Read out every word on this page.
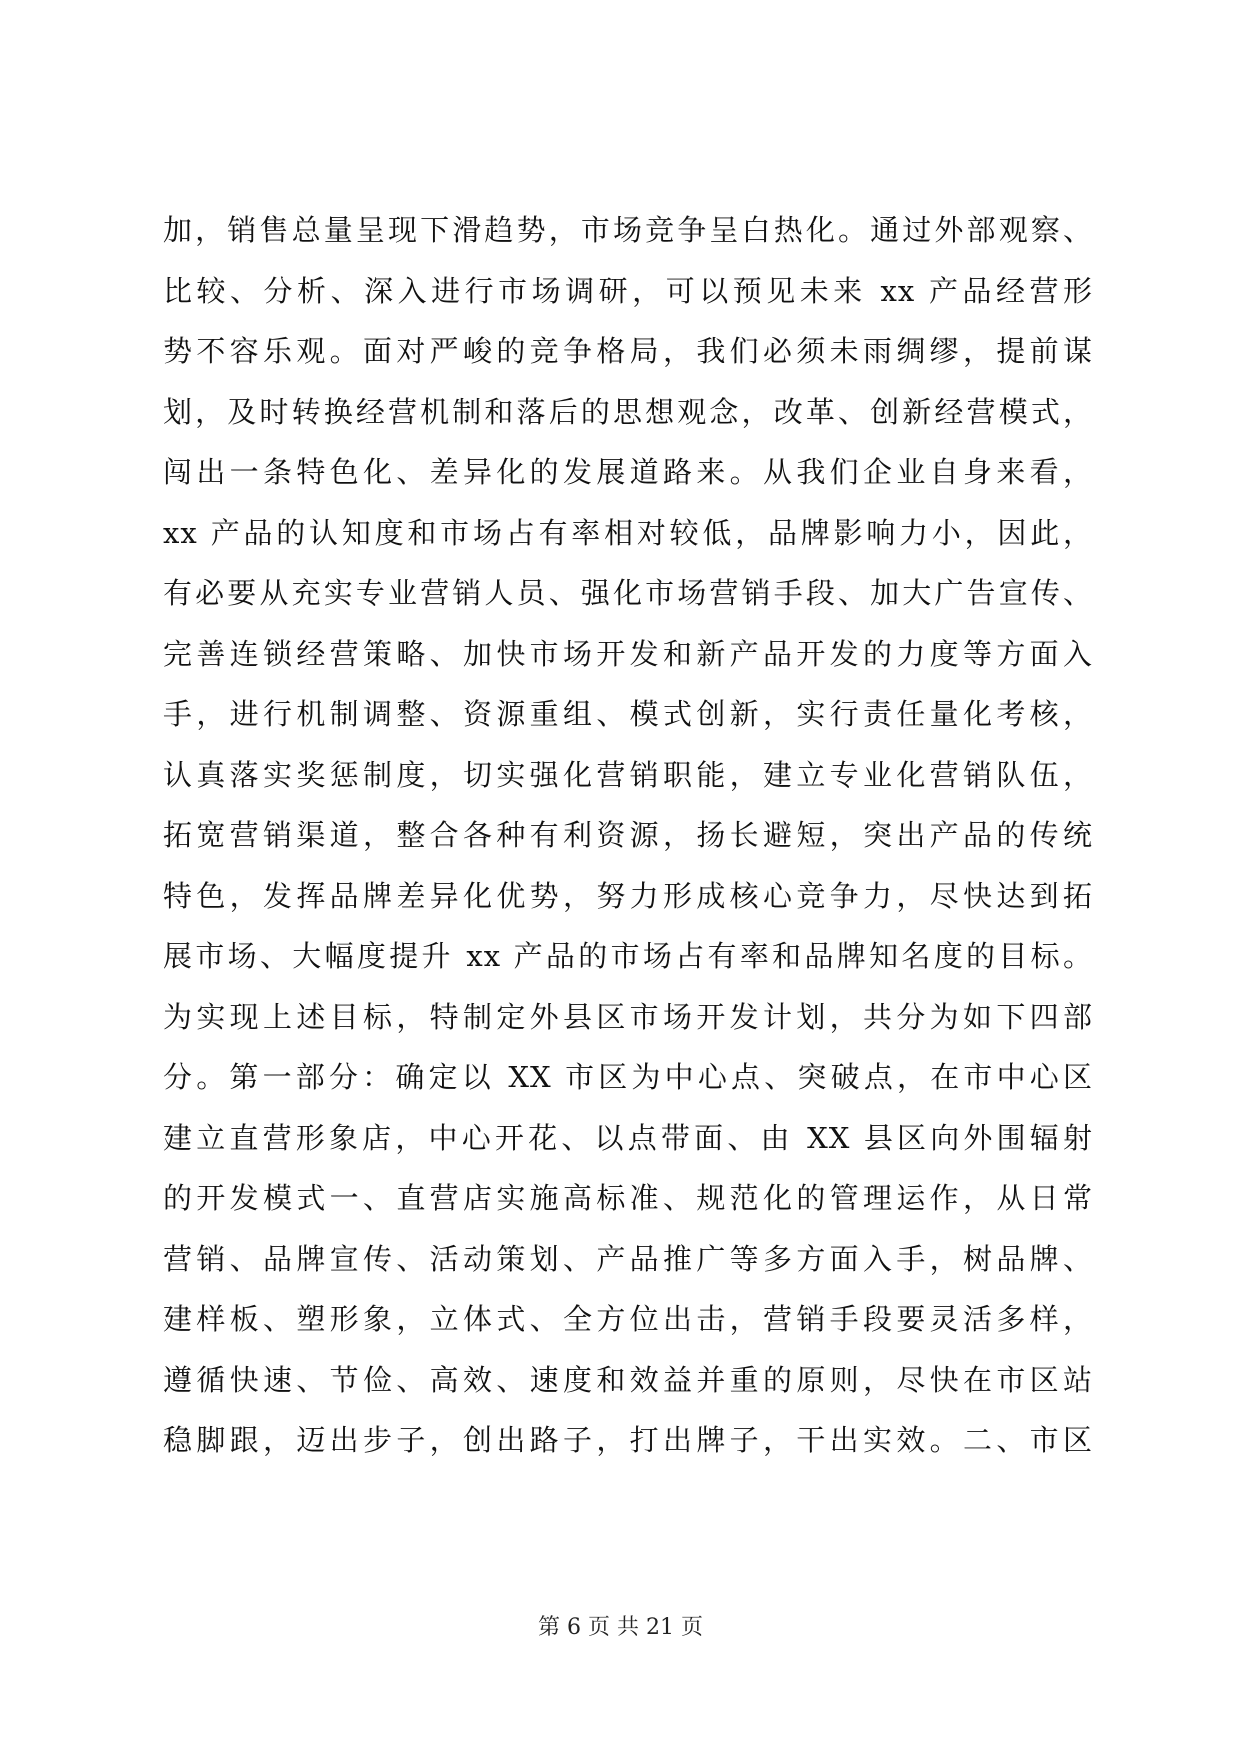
加，销售总量呈现下滑趋势，市场竞争呈白热化。通过外部观察、
比较、分析、深入进行市场调研，可以预见未来 xx 产品经营形
势不容乐观。面对严峻的竞争格局，我们必须未雨绸缪，提前谋
划，及时转换经营机制和落后的思想观念，改革、创新经营模式，
闯出一条特色化、差异化的发展道路来。从我们企业自身来看，
xx 产品的认知度和市场占有率相对较低，品牌影响力小，因此，
有必要从充实专业营销人员、强化市场营销手段、加大广告宣传、
完善连锁经营策略、加快市场开发和新产品开发的力度等方面入
手，进行机制调整、资源重组、模式创新，实行责任量化考核，
认真落实奖惩制度，切实强化营销职能，建立专业化营销队伍，
拓宽营销渠道，整合各种有利资源，扬长避短，突出产品的传统
特色，发挥品牌差异化优势，努力形成核心竞争力，尽快达到拓
展市场、大幅度提升 xx 产品的市场占有率和品牌知名度的目标。
为实现上述目标，特制定外县区市场开发计划，共分为如下四部
分。第一部分：确定以 XX 市区为中心点、突破点，在市中心区
建立直营形象店，中心开花、以点带面、由 XX 县区向外围辐射
的开发模式一、直营店实施高标准、规范化的管理运作，从日常
营销、品牌宣传、活动策划、产品推广等多方面入手，树品牌、
建样板、塑形象，立体式、全方位出击，营销手段要灵活多样，
遵循快速、节俭、高效、速度和效益并重的原则，尽快在市区站
稳脚跟，迈出步子，创出路子，打出牌子，干出实效。二、市区
第 6 页 共 21 页
